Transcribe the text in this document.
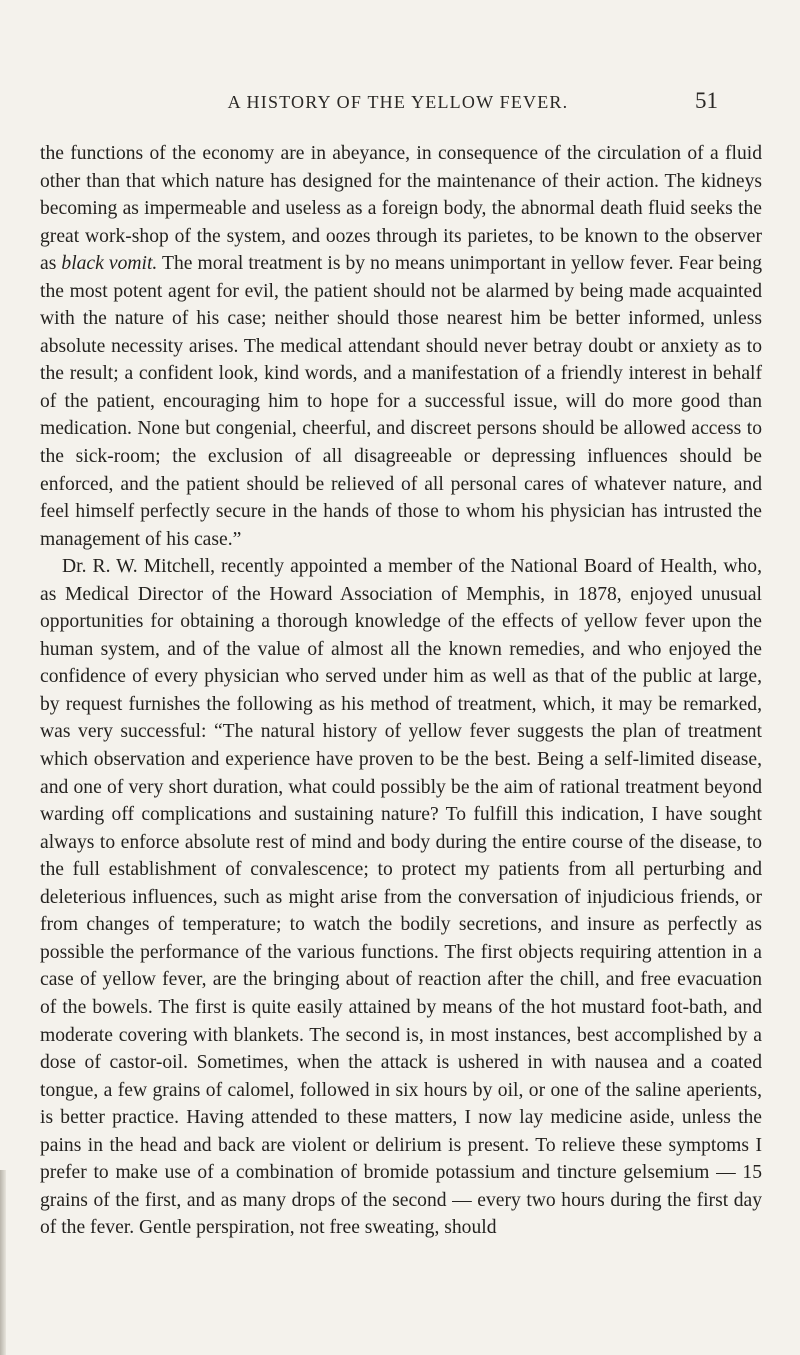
A HISTORY OF THE YELLOW FEVER.	51

the functions of the economy are in abeyance, in consequence of the circulation of a fluid other than that which nature has designed for the maintenance of their action. The kidneys becoming as impermeable and useless as a foreign body, the abnormal death fluid seeks the great work-shop of the system, and oozes through its parietes, to be known to the observer as black vomit. The moral treatment is by no means unimportant in yellow fever. Fear being the most potent agent for evil, the patient should not be alarmed by being made acquainted with the nature of his case; neither should those nearest him be better informed, unless absolute necessity arises. The medical attendant should never betray doubt or anxiety as to the result; a confident look, kind words, and a manifestation of a friendly interest in behalf of the patient, encouraging him to hope for a successful issue, will do more good than medication. None but congenial, cheerful, and discreet persons should be allowed access to the sick-room; the exclusion of all disagreeable or depressing influences should be enforced, and the patient should be relieved of all personal cares of whatever nature, and feel himself perfectly secure in the hands of those to whom his physician has intrusted the management of his case.”

Dr. R. W. Mitchell, recently appointed a member of the National Board of Health, who, as Medical Director of the Howard Association of Memphis, in 1878, enjoyed unusual opportunities for obtaining a thorough knowledge of the effects of yellow fever upon the human system, and of the value of almost all the known remedies, and who enjoyed the confidence of every physician who served under him as well as that of the public at large, by request furnishes the following as his method of treatment, which, it may be remarked, was very successful: “The natural history of yellow fever suggests the plan of treatment which observation and experience have proven to be the best. Being a self-limited disease, and one of very short duration, what could possibly be the aim of rational treatment beyond warding off complications and sustaining nature? To fulfill this indication, I have sought always to enforce absolute rest of mind and body during the entire course of the disease, to the full establishment of convalescence; to protect my patients from all perturbing and deleterious influences, such as might arise from the conversation of injudicious friends, or from changes of temperature; to watch the bodily secretions, and insure as perfectly as possible the performance of the various functions. The first objects requiring attention in a case of yellow fever, are the bringing about of reaction after the chill, and free evacuation of the bowels. The first is quite easily attained by means of the hot mustard foot-bath, and moderate covering with blankets. The second is, in most instances, best accomplished by a dose of castor-oil. Sometimes, when the attack is ushered in with nausea and a coated tongue, a few grains of calomel, followed in six hours by oil, or one of the saline aperients, is better practice. Having attended to these matters, I now lay medicine aside, unless the pains in the head and back are violent or delirium is present. To relieve these symptoms I prefer to make use of a combination of bromide potassium and tincture gelsemium — 15 grains of the first, and as many drops of the second — every two hours during the first day of the fever. Gentle perspiration, not free sweating, should
